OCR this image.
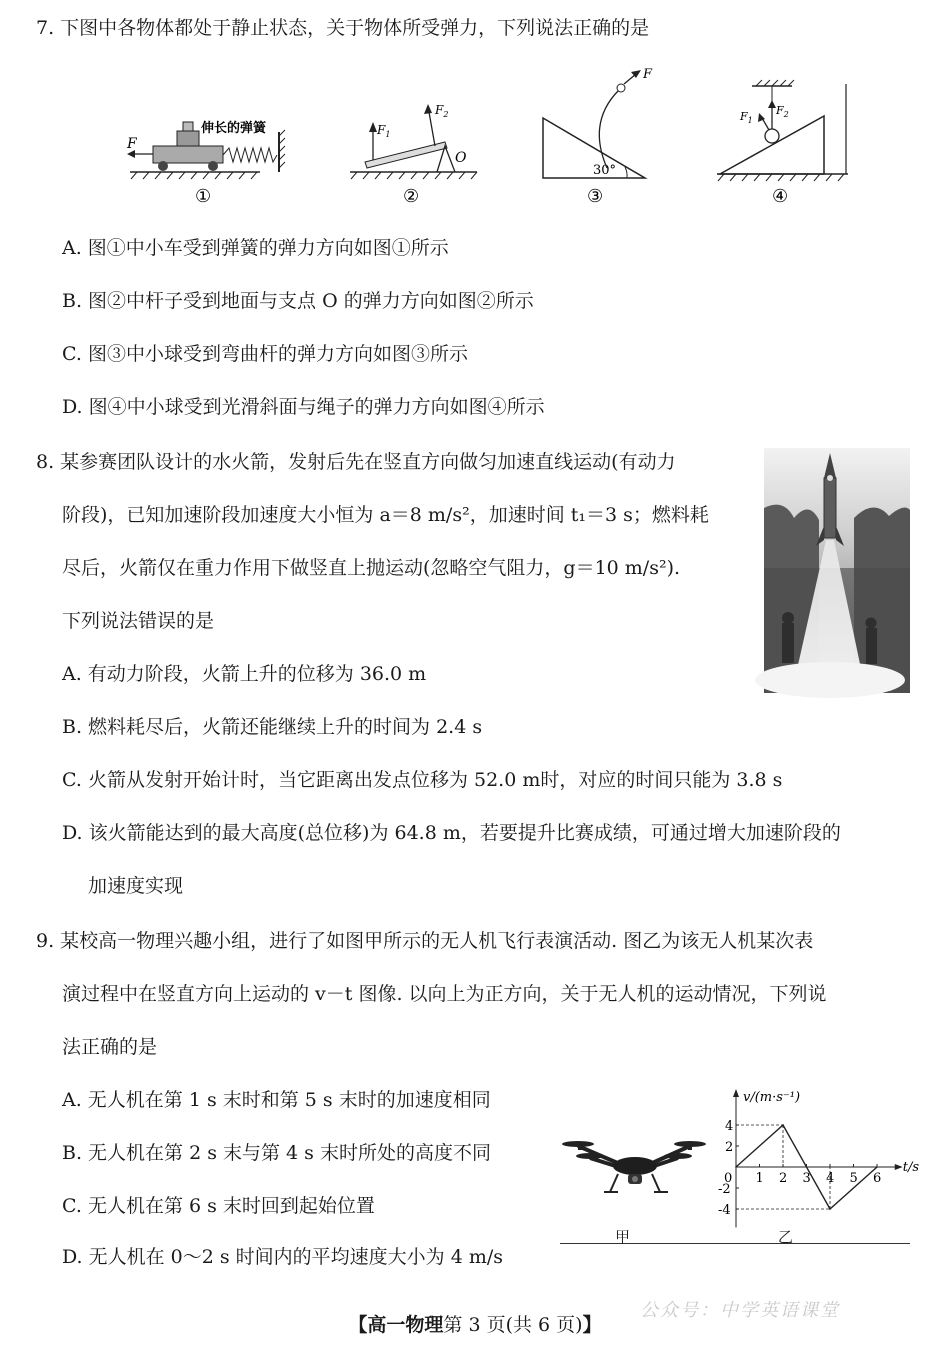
7. 下图中各物体都处于静止状态，关于物体所受弹力，下列说法正确的是
伸长的弹簧
F
①
O
$F_1$
$F_2$
②
30°
F
③
$F_2$
$F_1$
④
A. 图①中小车受到弹簧的弹力方向如图①所示
B. 图②中杆子受到地面与支点 O 的弹力方向如图②所示
C. 图③中小球受到弯曲杆的弹力方向如图③所示
D. 图④中小球受到光滑斜面与绳子的弹力方向如图④所示
8. 某参赛团队设计的水火箭，发射后先在竖直方向做匀加速直线运动(有动力
阶段)，已知加速阶段加速度大小恒为 a＝8 m/s²，加速时间 t₁＝3 s；燃料耗
尽后，火箭仅在重力作用下做竖直上抛运动(忽略空气阻力，g＝10 m/s²).
下列说法错误的是
A. 有动力阶段，火箭上升的位移为 36.0 m
B. 燃料耗尽后，火箭还能继续上升的时间为 2.4 s
C. 火箭从发射开始计时，当它距离出发点位移为 52.0 m时，对应的时间只能为 3.8 s
D. 该火箭能达到的最大高度(总位移)为 64.8 m，若要提升比赛成绩，可通过增大加速阶段的
加速度实现
9. 某校高一物理兴趣小组，进行了如图甲所示的无人机飞行表演活动. 图乙为该无人机某次表
演过程中在竖直方向上运动的 v－t 图像. 以向上为正方向，关于无人机的运动情况，下列说
法正确的是
A. 无人机在第 1 s 末时和第 5 s 末时的加速度相同
B. 无人机在第 2 s 末与第 4 s 末时所处的高度不同
C. 无人机在第 6 s 末时回到起始位置
D. 无人机在 0～2 s 时间内的平均速度大小为 4 m/s
甲
v/(m·s⁻¹)
t/s
0 1 2 3 4 5 6
4
2
-2
-4
乙
【高一物理第 3 页(共 6 页)】
公众号：中学英语课堂
